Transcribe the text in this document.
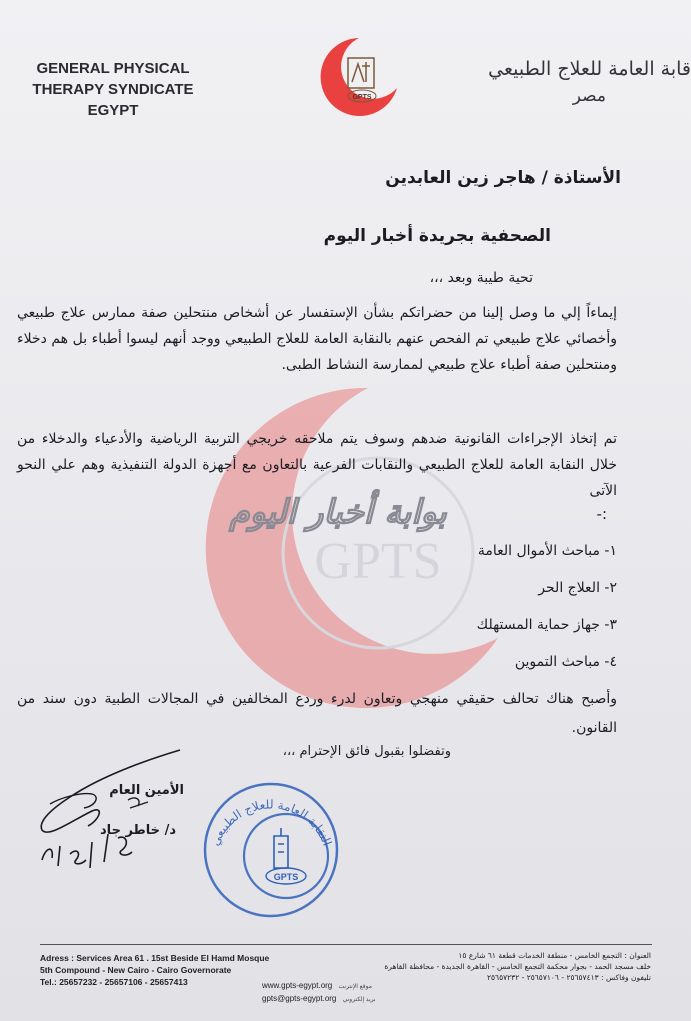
GPTS
بوابة أخبار اليوم
GENERAL PHYSICAL
THERAPY SYNDICATE
EGYPT
GPTS
قابة العامة للعلاج الطبيعي
مصر
الأستاذة / هاجر زين العابدين
الصحفية بجريدة أخبار اليوم
تحية طيبة وبعد ،،،
إيماءاً إلي ما وصل إلينا من حضراتكم بشأن الإستفسار عن أشخاص منتحلين صفة ممارس علاج طبيعي وأخصائي علاج طبيعي تم الفحص عنهم بالنقابة العامة للعلاج الطبيعي ووجد أنهم ليسوا أطباء بل هم دخلاء ومنتحلين صفة أطباء علاج طبيعي لممارسة النشاط الطبى.
تم إتخاذ الإجراءات القانونية ضدهم وسوف يتم ملاحقه خريجي التربية الرياضية والأدعياء والدخلاء من خلال النقابة العامة للعلاج الطبيعي والنقابات الفرعية بالتعاون مع أجهزة الدولة التنفيذية وهم علي النحو الآتى
:-
١- مباحث الأموال العامة
٢- العلاج الحر
٣- جهاز حماية المستهلك
٤- مباحث التموين
وأصبح هناك تحالف حقيقي منهجي وتعاون لدرء وردع المخالفين في المجالات الطبية دون سند من القانون.
وتفضلوا بقبول فائق الإحترام ،،،
الأمين العام
د/ خاطر جاد
النقابة العامة للعلاج الطبيعي
GPTS
Adress : Services Area 61 . 15st Beside El Hamd Mosque
5th Compound - New Cairo - Cairo Governorate
Tel.: 25657232 - 25657106 - 25657413	www.gpts-egypt.org موقع الإنترنت
gpts@gpts-egypt.org بريد إلكتروني
العنوان : التجمع الخامس - منطقة الخدمات قطعة ٦١ شارع ١٥
خلف مسجد الحمد - بجوار محكمة التجمع الخامس - القاهرة الجديدة - محافظة القاهرة
تليفون وفاكس : ٢٥٦٥٧٤١٣ - ٢٥٦٥٧١٠٦ - ٢٥٦٥٧٢٣٢
